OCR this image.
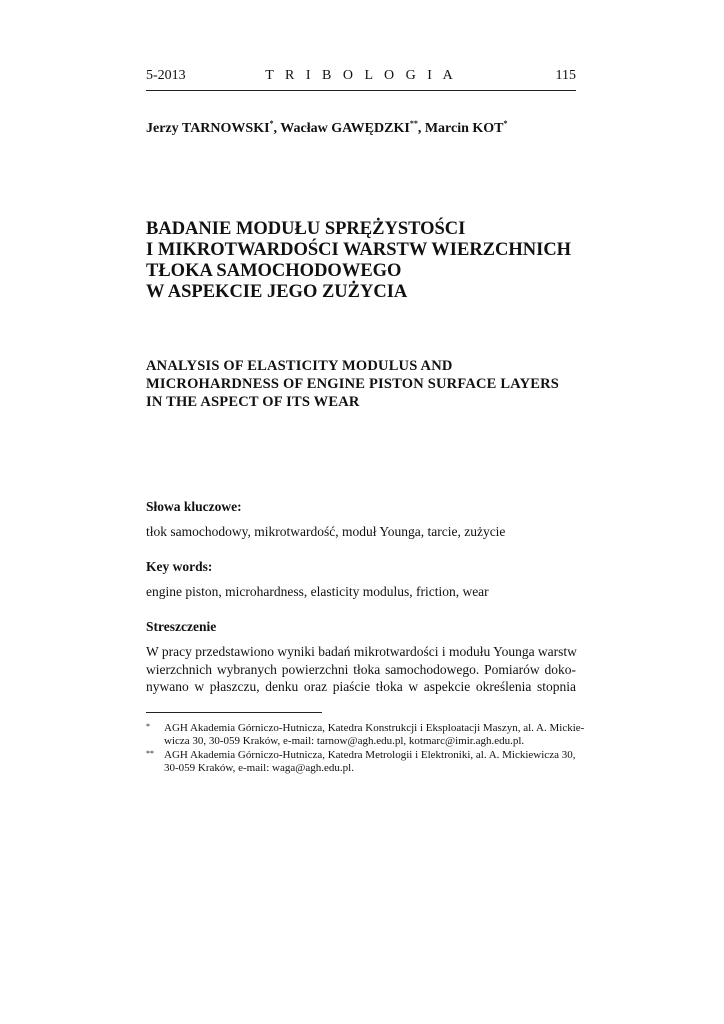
5-2013	T R I B O L O G I A	115
Jerzy TARNOWSKI*, Wacław GAWĘDZKI**, Marcin KOT*
BADANIE MODUŁU SPRĘŻYSTOŚCI
I MIKROTWARDOŚCI WARSTW WIERZCHNICH
TŁOKA SAMOCHODOWEGO
W ASPEKCIE JEGO ZUŻYCIA
ANALYSIS OF ELASTICITY MODULUS AND
MICROHARDNESS OF ENGINE PISTON SURFACE LAYERS
IN THE ASPECT OF ITS WEAR
Słowa kluczowe:
tłok samochodowy, mikrotwardość, moduł Younga, tarcie, zużycie
Key words:
engine piston, microhardness, elasticity modulus, friction, wear
Streszczenie
W pracy przedstawiono wyniki badań mikrotwardości i modułu Younga warstw
wierzchnich wybranych powierzchni tłoka samochodowego. Pomiarów doko-
nywano w płaszczu, denku oraz piaście tłoka w aspekcie określenia stopnia
* AGH Akademia Górniczo-Hutnicza, Katedra Konstrukcji i Eksploatacji Maszyn, al. A. Mickie-
wicza 30, 30-059 Kraków, e-mail: tarnow@agh.edu.pl, kotmarc@imir.agh.edu.pl.
** AGH Akademia Górniczo-Hutnicza, Katedra Metrologii i Elektroniki, al. A. Mickiewicza 30,
30-059 Kraków, e-mail: waga@agh.edu.pl.
